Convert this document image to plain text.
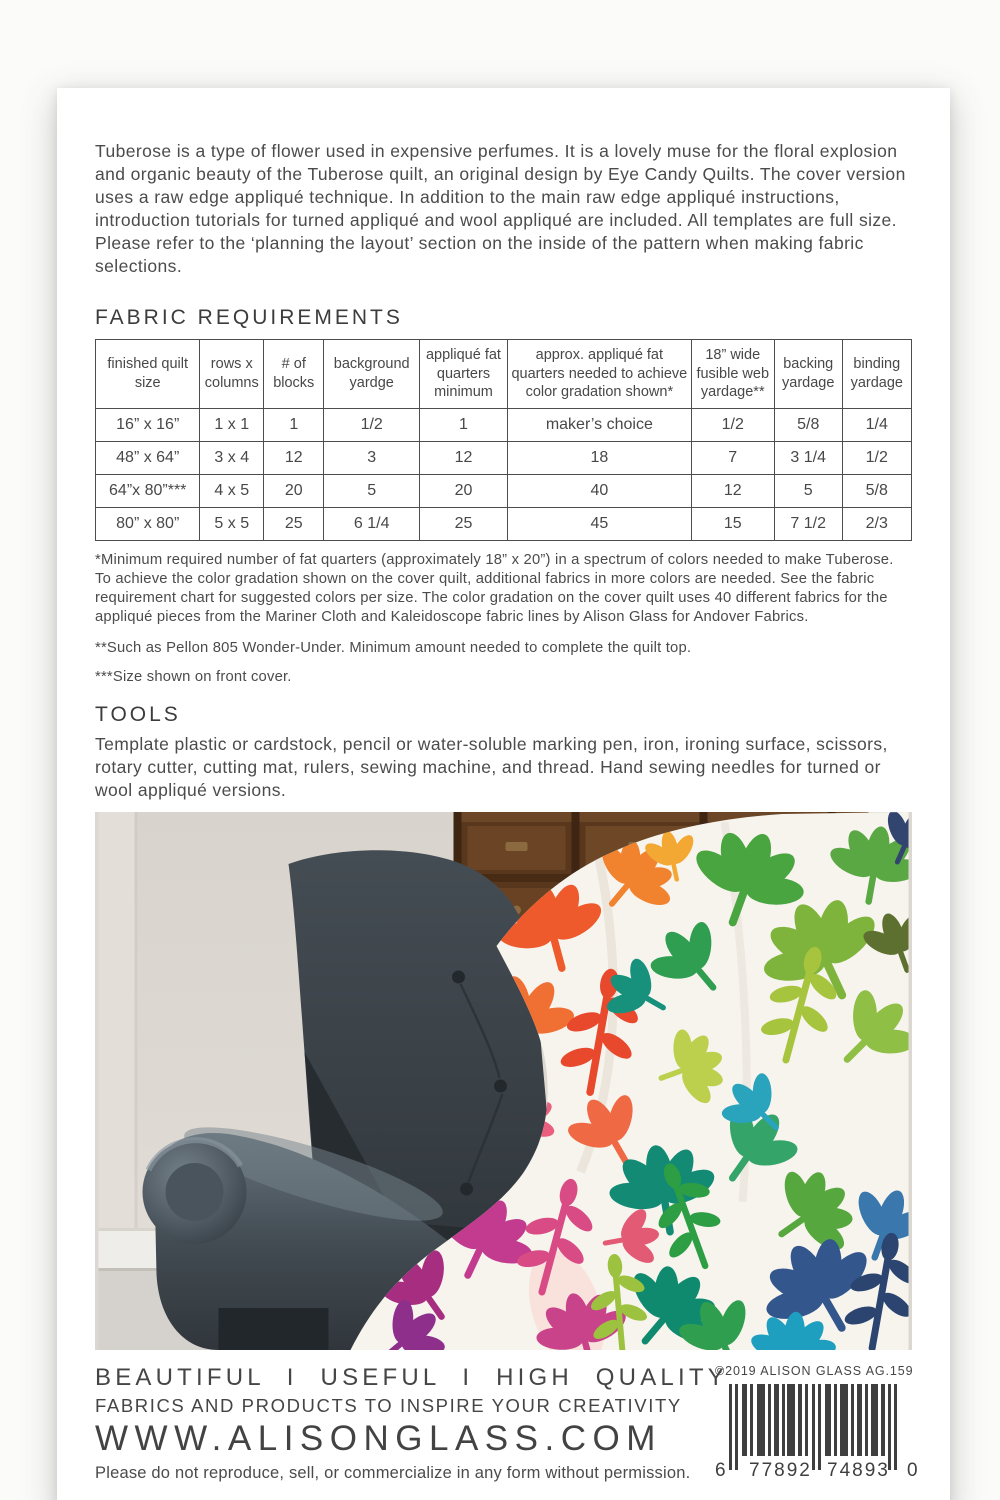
Tuberose is a type of flower used in expensive perfumes. It is a lovely muse for the floral explosion and organic beauty of the Tuberose quilt, an original design by Eye Candy Quilts. The cover version uses a raw edge appliqué technique. In addition to the main raw edge appliqué instructions, introduction tutorials for turned appliqué and wool appliqué are included. All templates are full size. Please refer to the ‘planning the layout’ section on the inside of the pattern when making fabric selections.

FABRIC REQUIREMENTS
finished quilt size	rows x columns	# of blocks	background yardge	appliqué fat quarters minimum	approx. appliqué fat quarters needed to achieve color gradation shown*	18” wide fusible web yardage**	backing yardage	binding yardage
16” x 16”	1 x 1	1	1/2	1	maker’s choice	1/2	5/8	1/4
48” x 64”	3 x 4	12	3	12	18	7	3 1/4	1/2
64”x 80”***	4 x 5	20	5	20	40	12	5	5/8
80” x 80”	5 x 5	25	6 1/4	25	45	15	7 1/2	2/3

*Minimum required number of fat quarters (approximately 18” x 20”) in a spectrum of colors needed to make Tuberose. To achieve the color gradation shown on the cover quilt, additional fabrics in more colors are needed. See the fabric requirement chart for suggested colors per size. The color gradation on the cover quilt uses 40 different fabrics for the appliqué pieces from the Mariner Cloth and Kaleidoscope fabric lines by Alison Glass for Andover Fabrics.

**Such as Pellon 805 Wonder-Under. Minimum amount needed to complete the quilt top.

***Size shown on front cover.

TOOLS

Template plastic or cardstock, pencil or water-soluble marking pen, iron, ironing surface, scissors, rotary cutter, cutting mat, rulers, sewing machine, and thread. Hand sewing needles for turned or wool appliqué versions.

BEAUTIFUL I USEFUL I HIGH QUALITY
FABRICS AND PRODUCTS TO INSPIRE YOUR CREATIVITY
WWW.ALISONGLASS.COM
Please do not reproduce, sell, or commercialize in any form without permission.
©2019 ALISON GLASS AG.159
6 77892 74893 0
